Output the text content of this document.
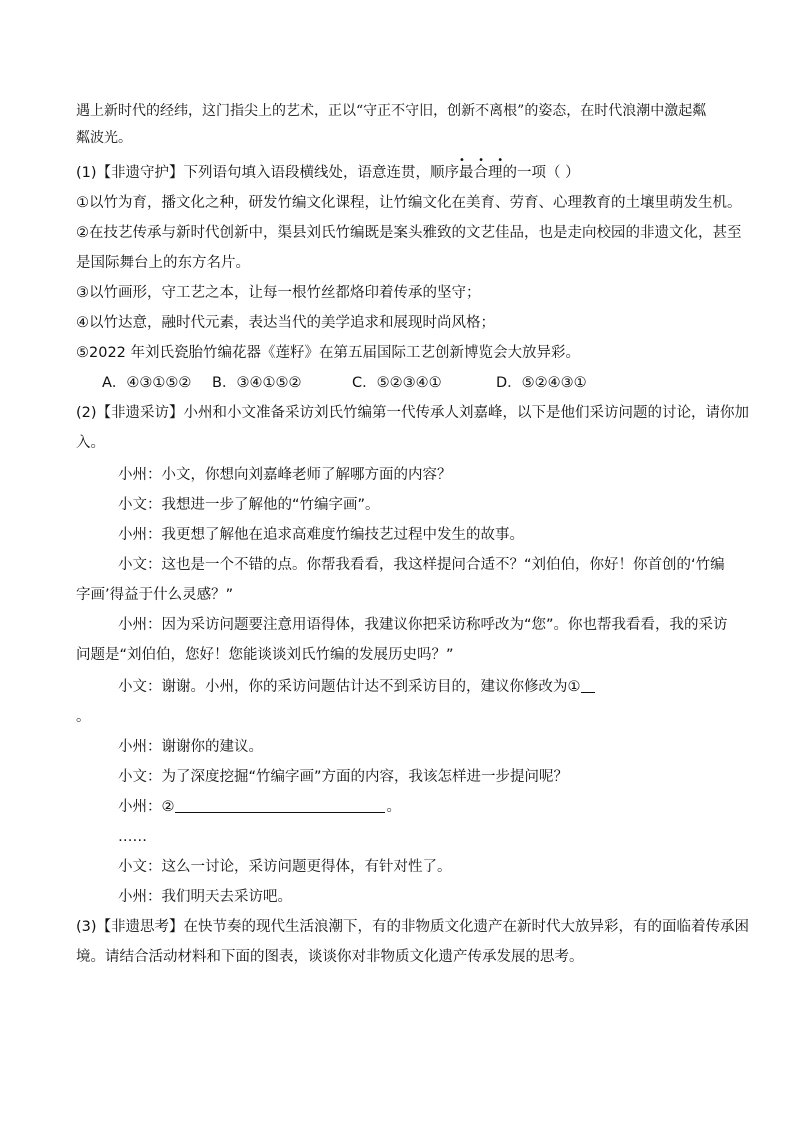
遇上新时代的经纬，这门指尖上的艺术，正以“守正不守旧，创新不离根”的姿态，在时代浪潮中激起粼
粼波光。
(1)【非遗守护】下列语句填入语段横线处，语意连贯，顺序
• • •
最合理的一项（ ）
①以竹为育，播文化之种，研发竹编文化课程，让竹编文化在美育、劳育、心理教育的土壤里萌发生机。
②在技艺传承与新时代创新中，渠县刘氏竹编既是案头雅致的文艺佳品，也是走向校园的非遗文化，甚至
是国际舞台上的东方名片。
③以竹画形，守工艺之本，让每一根竹丝都烙印着传承的坚守；
④以竹达意，融时代元素，表达当代的美学追求和展现时尚风格；
⑤2022 年刘氏瓷胎竹编花器《莲籽》在第五届国际工艺创新博览会大放异彩。
A．④③①⑤② B．③④①⑤②	C．⑤②③④①	D．⑤②④③①
(2)【非遗采访】小州和小文准备采访刘氏竹编第一代传承人刘嘉峰，以下是他们采访问题的讨论，请你加
入。
小州：小文，你想向刘嘉峰老师了解哪方面的内容？
小文：我想进一步了解他的“竹编字画”。
小州：我更想了解他在追求高难度竹编技艺过程中发生的故事。
小文：这也是一个不错的点。你帮我看看，我这样提问合适不？“刘伯伯，你好！你首创的‘竹编
字画’得益于什么灵感？”
小州：因为采访问题要注意用语得体，我建议你把采访称呼改为“您”。你也帮我看看，我的采访
问题是“刘伯伯，您好！您能谈谈刘氏竹编的发展历史吗？”
小文：谢谢。小州，你的采访问题估计达不到采访目的，建议你修改为①
。
小州：谢谢你的建议。
小文：为了深度挖掘“竹编字画”方面的内容，我该怎样进一步提问呢？
小州：②	。
……
小文：这么一讨论，采访问题更得体，有针对性了。
小州：我们明天去采访吧。
(3)【非遗思考】在快节奏的现代生活浪潮下，有的非物质文化遗产在新时代大放异彩，有的面临着传承困
境。请结合活动材料和下面的图表，谈谈你对非物质文化遗产传承发展的思考。
